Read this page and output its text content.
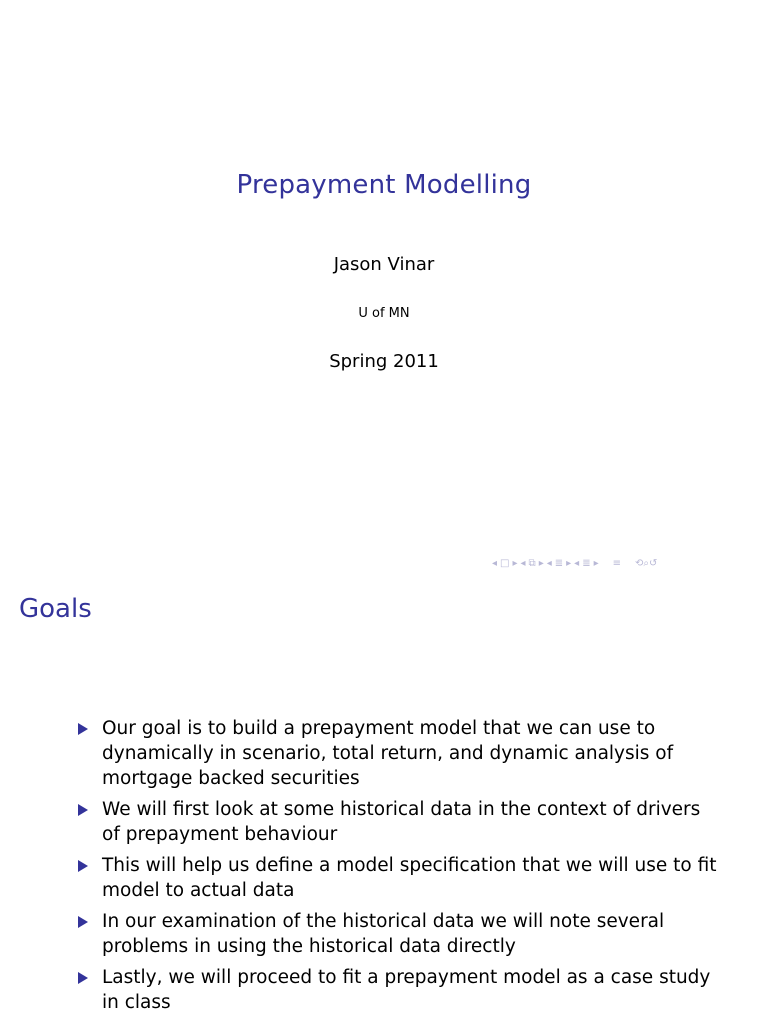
Prepayment Modelling
Jason Vinar
U of MN
Spring 2011
◂ □ ▸ ◂ ⧉ ▸ ◂ ≣ ▸ ◂ ≣ ▸ ≡ ⟲⌕↺
Goals
Our goal is to build a prepayment model that we can use to dynamically in scenario, total return, and dynamic analysis of mortgage backed securities
We will first look at some historical data in the context of drivers of prepayment behaviour
This will help us define a model specification that we will use to fit model to actual data
In our examination of the historical data we will note several problems in using the historical data directly
Lastly, we will proceed to fit a prepayment model as a case study in class
